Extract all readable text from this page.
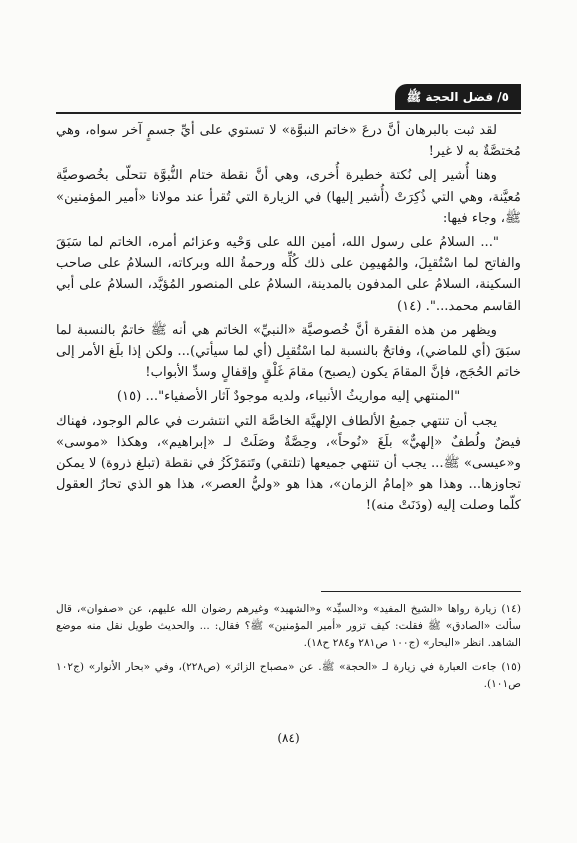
٥/ فضل الحجة ﷺ

لقد ثبت بالبرهان أنَّ درعَ «خاتم النبوَّة» لا تستوي على أيِّ جسمٍ آخر سواه، وهي مُختصَّةٌ به لا غير!

وهنا أُشير إلى نُكتة خطيرة أُخرى، وهي أنَّ نقطة ختام النُّبوَّة تتحلّى بخُصوصيَّة مُعيَّنة، وهي التي ذُكِرَتْ (أُشير إليها) في الزيارة التي تُقرأ عند مولانا «أمير المؤمنين» ﷺ، وجاء فيها:

"... السلامُ على رسول الله، أمين الله على وَحْيه وعزائم أمره، الخاتم لما سَبَقَ والفاتح لما اسْتُقبِلَ، والمُهيمِن على ذلك كُلِّه ورحمةُ الله وبركاته، السلامُ على صاحب السكينة، السلامُ على المدفون بالمدينة، السلامُ على المنصور المُؤيَّد، السلامُ على أبي القاسم محمد...". (١٤)

ويظهر من هذه الفقرة أنَّ خُصوصيَّة «النبيِّ» الخاتم هي أنه ﷺ خاتمٌ بالنسبة لما سبَقَ (أي للماضي)، وفاتحٌ بالنسبة لما اسْتُقبِل (أي لما سيأتي)... ولكن إذا بلَغ الأمر إلى خاتم الحُجَج، فإنَّ المقامَ يكون (يصبح) مقامَ غَلْقٍ وإقفالٍ وسدِّ الأبواب!

"المنتهي إليه مواريثُ الأنبياء، ولديه موجودٌ آثار الأصفياء"... (١٥)

يجب أن تنتهي جميعُ الألطاف الإلهيَّة الخاصَّة التي انتشرت في عالم الوجود، فهناك فيضٌ ولُطفٌ «إلهيٌّ» بلَغَ «نُوحاً»، وحِصَّةٌ وصَلَتْ لـ «إبراهيم»، وهكذا «موسى» و«عيسى» ﷺ... يجب أن تنتهي جميعها (تلتقي) وتَتمَرْكَزُ في نقطة (تبلغ ذروة) لا يمكن تجاوزها... وهذا هو «إمامُ الزمان»، هذا هو «وليُّ العصر»، هذا هو الذي تحارُ العقول كلّما وصلت إليه (ودَنَتْ منه)!

(١٤) زيارة رواها «الشيخ المفيد» و«السيِّد» و«الشهيد» وغيرهم رضوان الله عليهم، عن «صفوان»، قال سألت «الصادق» ﷺ فقلت: كيف تزور «أمير المؤمنين» ﷺ؟ فقال: ... والحديث طويل نقل منه موضع الشاهد. انظر «البحار» (ج١٠٠ ص٢٨١ و٢٨٤ ح١٨).

(١٥) جاءت العبارة في زيارة لـ «الحجة» ﷺ. عن «مصباح الزائر» (ص٢٢٨)، وفي «بحار الأنوار» (ج١٠٢ ص١٠١).

(٨٤)
